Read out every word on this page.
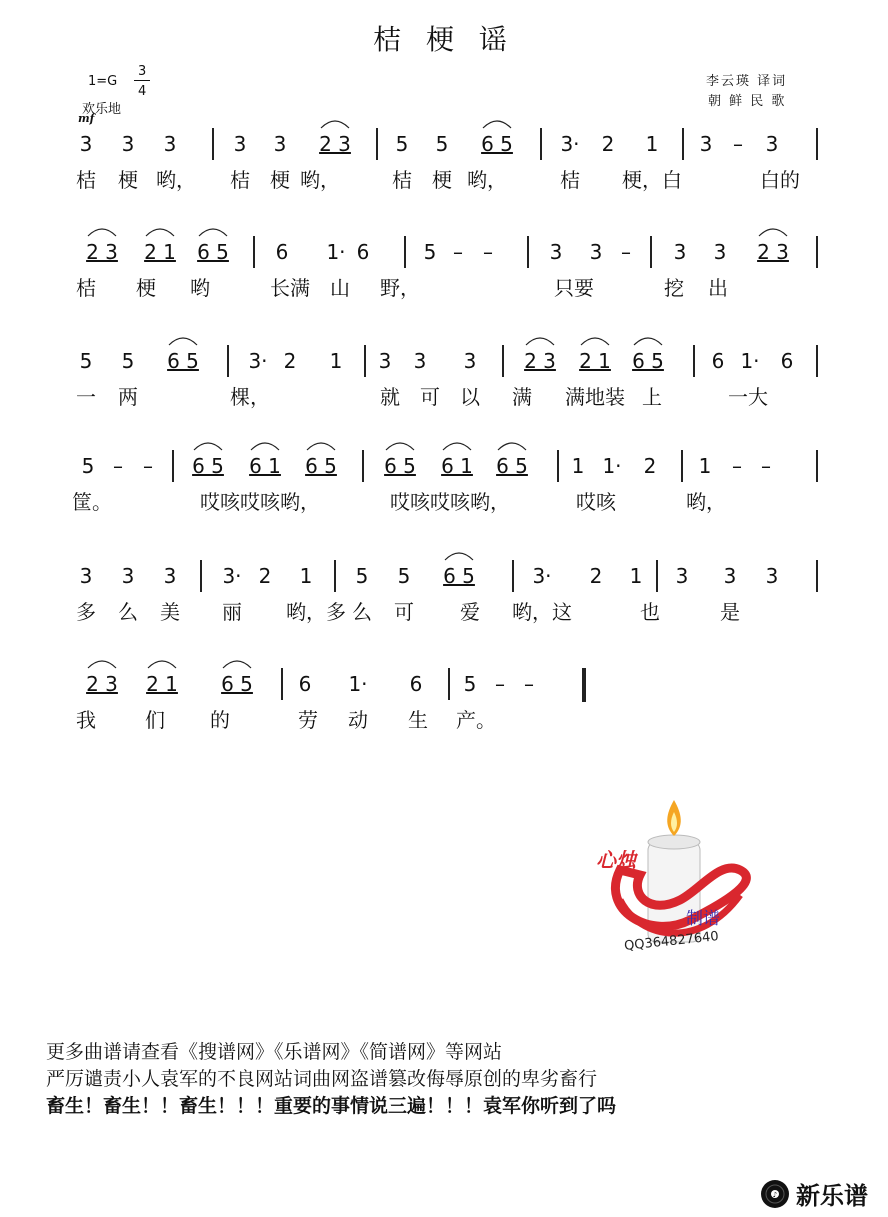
桔 梗 谣
1=G
3
4
欢乐地
mf
李云瑛 译词
朝 鲜 民 歌
3 3 3	3 3 2 3 5 5 6 5 3· 2 1 3 – 3
桔 梗 哟， 桔 梗 哟，	桔 梗 哟，	桔 梗，白	白的
2 3 2 1 6 5 6 1· 6	5 – –	3 3 – 3 3 2 3
桔 梗 哟	长满 山 野，	只要	挖 出
5 5 6 5 3· 2 1 3 3 3 2 3 2 1 6 5 6 1· 6
一 两	棵，	就 可 以 满 满地装 上	一大
5 – – 6 5 6 1 6 5 6 5 6 1 6 5 1 1· 2 1 – –
筐。	哎咳哎咳哟，	哎咳哎咳哟，	哎咳	哟，
3 3 3 3· 2 1 5 5 6 5	3· 2 1 3 3 3
多 么 美 丽 哟，多 么 可 爱 哟，这	也	是
2 3 2 1 6 5 6 1· 6 5 – –
我 们 的	劳 动 生 产。
心烛
制谱
QQ364827640
更多曲谱请查看《搜谱网》《乐谱网》《简谱网》等网站
严厉谴责小人袁军的不良网站词曲网盗谱篡改侮辱原创的卑劣畜行
畜生！畜生！！畜生！！！重要的事情说三遍！！！袁军你听到了吗
♪ 新乐谱
